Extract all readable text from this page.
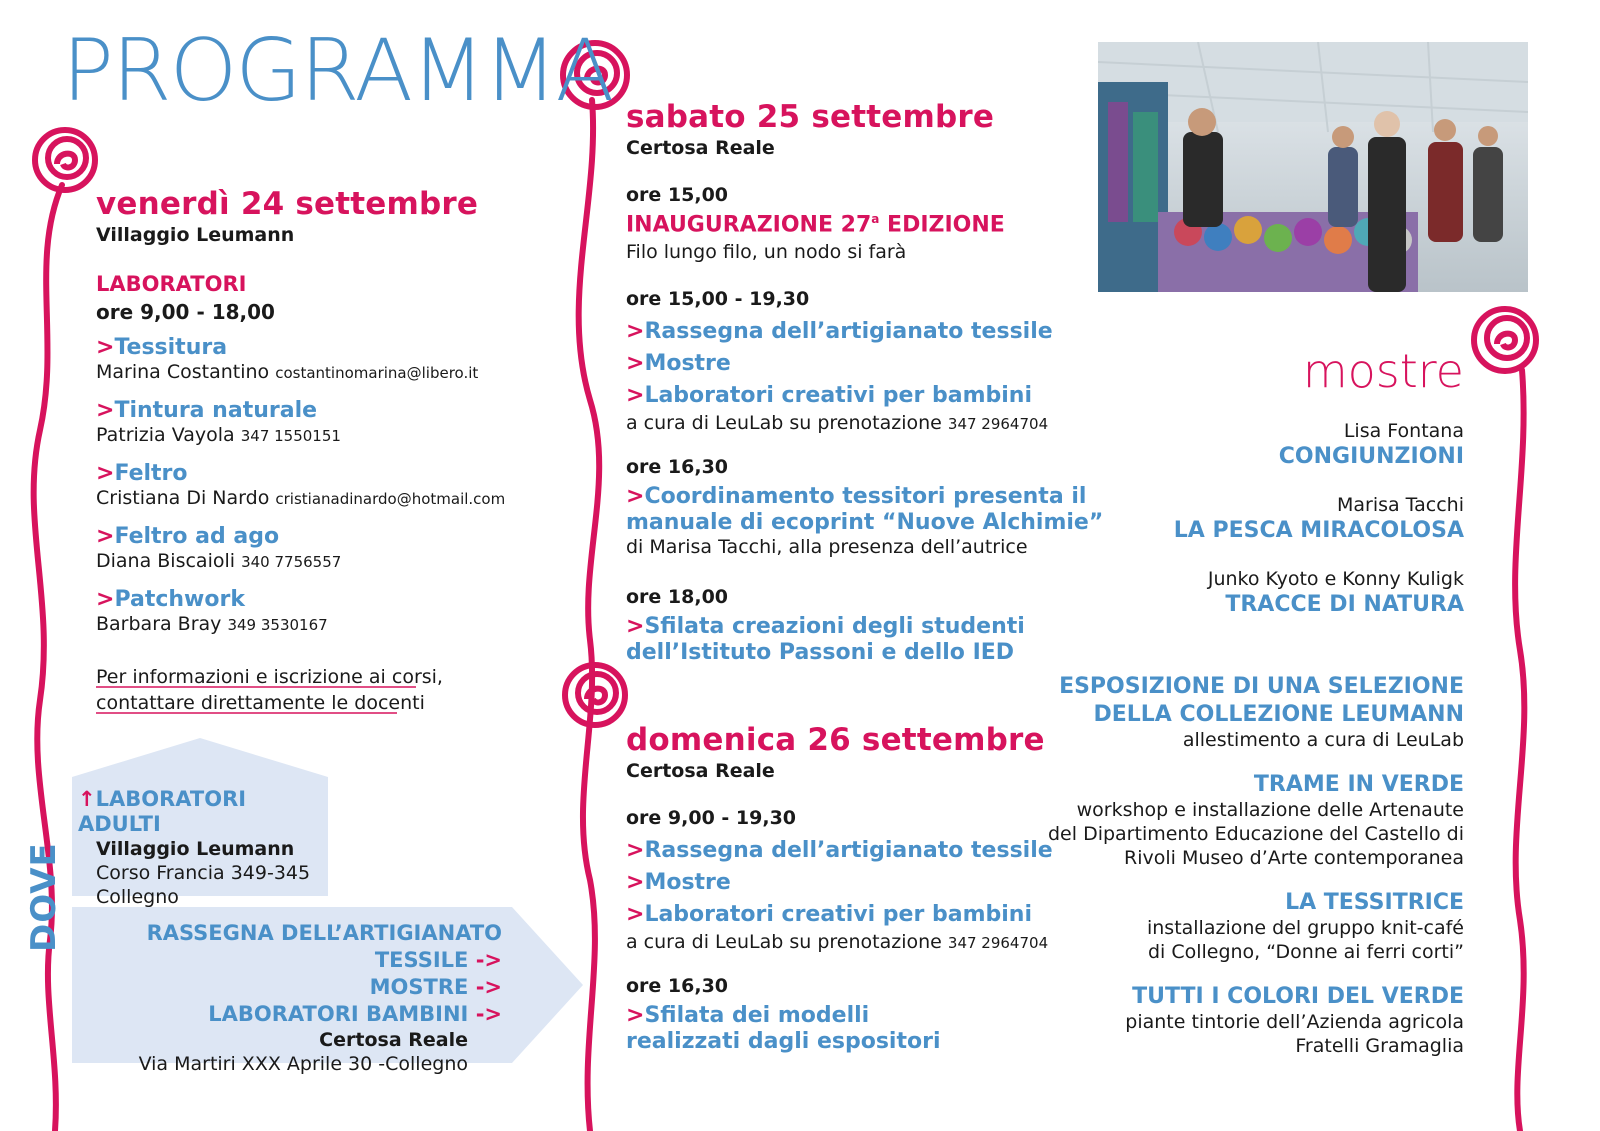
PROGRAMMA
venerdì 24 settembre
Villaggio Leumann
LABORATORI
ore 9,00 - 18,00
>Tessitura
Marina Costantino costantinomarina@libero.it
>Tintura naturale
Patrizia Vayola 347 1550151
>Feltro
Cristiana Di Nardo cristianadinardo@hotmail.com
>Feltro ad ago
Diana Biscaioli 340 7756557
>Patchwork
Barbara Bray 349 3530167
Per informazioni e iscrizione ai corsi,
contattare direttamente le docenti
DOVE
↑LABORATORI ADULTI
Villaggio Leumann
Corso Francia 349-345
Collegno
RASSEGNA DELL’ARTIGIANATO TESSILE ->
MOSTRE ->
LABORATORI BAMBINI ->
Certosa Reale
Via Martiri XXX Aprile 30 -Collegno
sabato 25 settembre
Certosa Reale
ore 15,00
INAUGURAZIONE 27$^a$ EDIZIONE
Filo lungo filo, un nodo si farà
ore 15,00 - 19,30
>Rassegna dell’artigianato tessile
>Mostre
>Laboratori creativi per bambini
a cura di LeuLab su prenotazione 347 2964704
ore 16,30
>Coordinamento tessitori presenta il
manuale di ecoprint “Nuove Alchimie”
di Marisa Tacchi, alla presenza dell’autrice
ore 18,00
>Sfilata creazioni degli studenti
dell’Istituto Passoni e dello IED
domenica 26 settembre
Certosa Reale
ore 9,00 - 19,30
>Rassegna dell’artigianato tessile
>Mostre
>Laboratori creativi per bambini
a cura di LeuLab su prenotazione 347 2964704
ore 16,30
>Sfilata dei modelli
realizzati dagli espositori
mostre
Lisa Fontana
CONGIUNZIONI
Marisa Tacchi
LA PESCA MIRACOLOSA
Junko Kyoto e Konny Kuligk
TRACCE DI NATURA
ESPOSIZIONE DI UNA SELEZIONE
DELLA COLLEZIONE LEUMANN
allestimento a cura di LeuLab
TRAME IN VERDE
workshop e installazione delle Artenaute
del Dipartimento Educazione del Castello di
Rivoli Museo d’Arte contemporanea
LA TESSITRICE
installazione del gruppo knit-café
di Collegno, “Donne ai ferri corti”
TUTTI I COLORI DEL VERDE
piante tintorie dell’Azienda agricola
Fratelli Gramaglia
